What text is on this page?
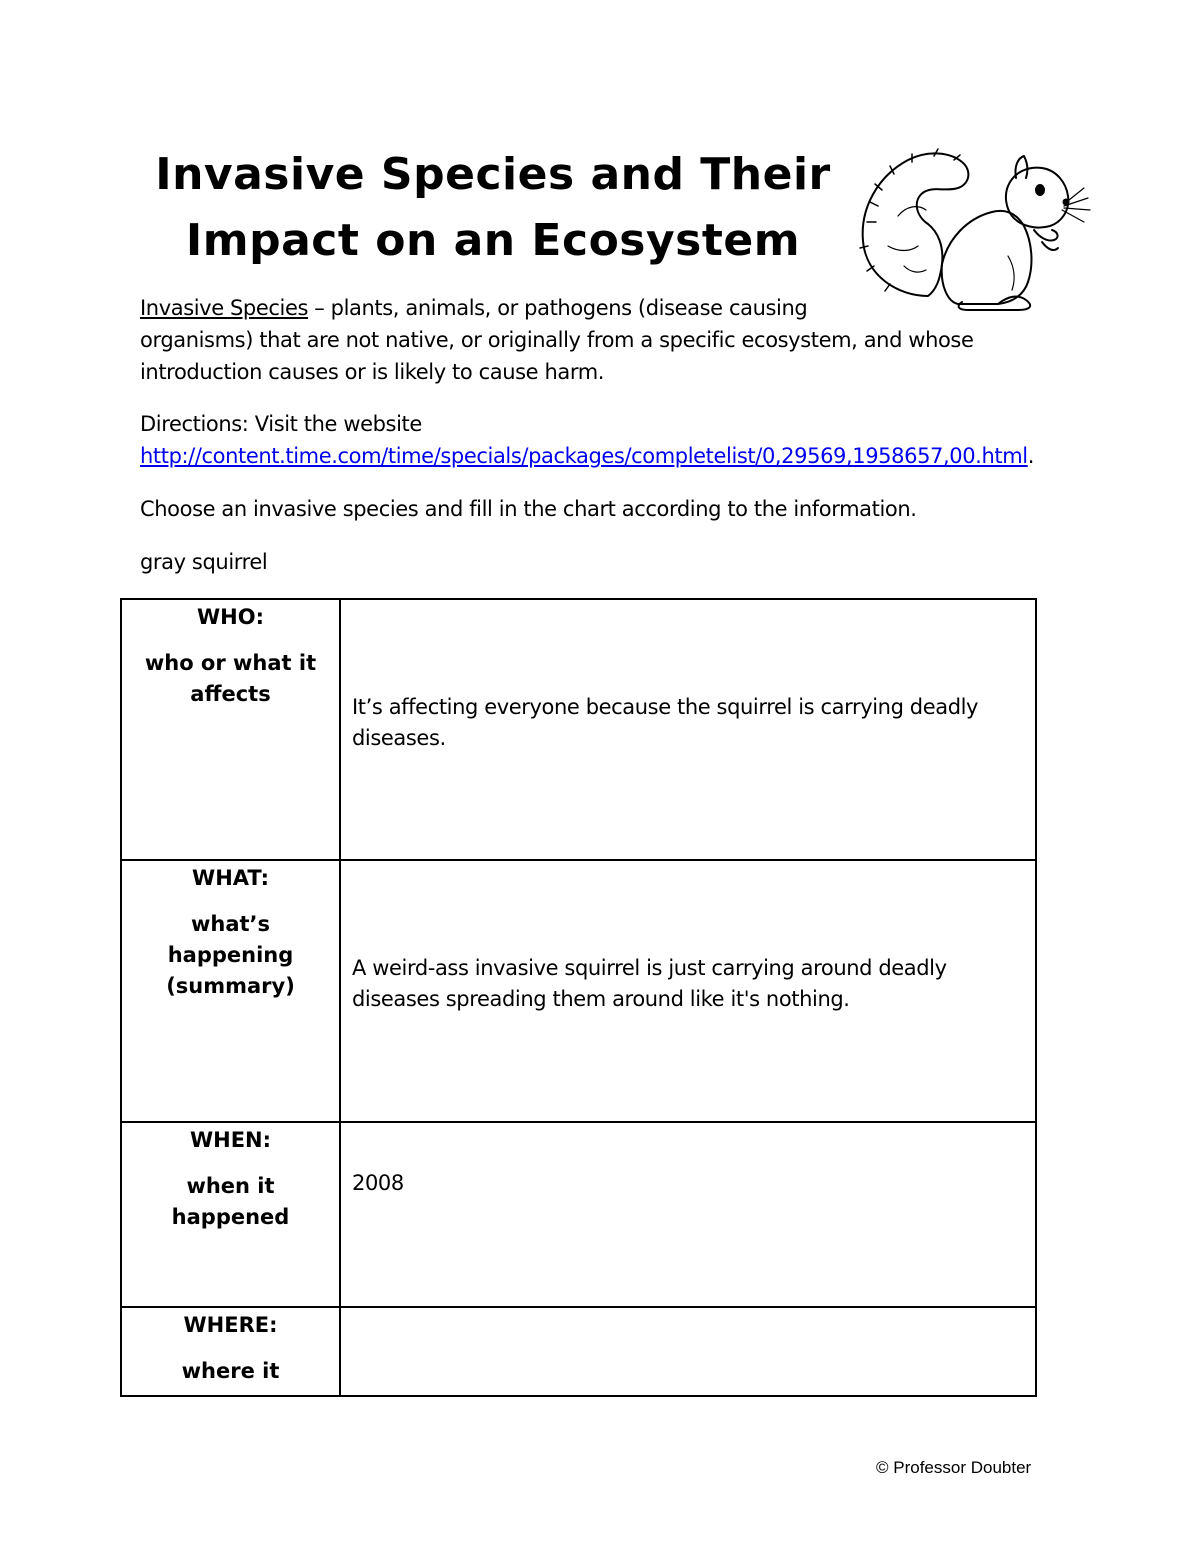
Invasive Species and Their
Impact on an Ecosystem
Invasive Species – plants, animals, or pathogens (disease causing
organisms) that are not native, or originally from a specific ecosystem, and whose introduction causes or is likely to cause harm.
Directions: Visit the website
http://content.time.com/time/specials/packages/completelist/0,29569,1958657,00.html.
Choose an invasive species and fill in the chart according to the information.
gray squirrel
WHO:
who or what it affects
It’s affecting everyone because the squirrel is carrying deadly diseases.
WHAT:
what’s happening (summary)
A weird-ass invasive squirrel is just carrying around deadly diseases spreading them around like it's nothing.
WHEN:
when it happened
2008
WHERE:
where it
© Professor Doubter
